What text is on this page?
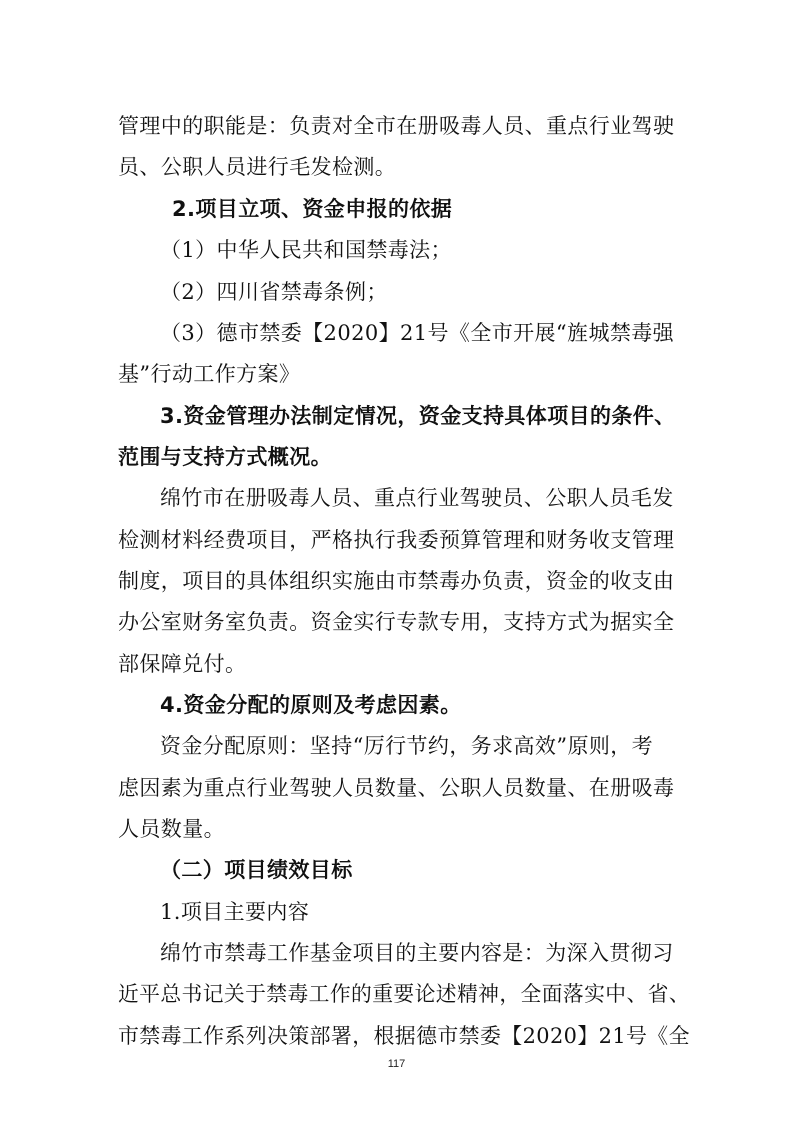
管理中的职能是：负责对全市在册吸毒人员、重点行业驾驶
员、公职人员进行毛发检测。
2.项目立项、资金申报的依据
（1）中华人民共和国禁毒法；
（2）四川省禁毒条例；
（3）德市禁委【2020】21号《全市开展“旌城禁毒强
基”行动工作方案》
3.资金管理办法制定情况，资金支持具体项目的条件、
范围与支持方式概况。
绵竹市在册吸毒人员、重点行业驾驶员、公职人员毛发
检测材料经费项目，严格执行我委预算管理和财务收支管理
制度，项目的具体组织实施由市禁毒办负责，资金的收支由
办公室财务室负责。资金实行专款专用，支持方式为据实全
部保障兑付。
4.资金分配的原则及考虑因素。
资金分配原则：坚持“厉行节约，务求高效”原则，考
虑因素为重点行业驾驶人员数量、公职人员数量、在册吸毒
人员数量。
（二）项目绩效目标
1.项目主要内容
绵竹市禁毒工作基金项目的主要内容是：为深入贯彻习
近平总书记关于禁毒工作的重要论述精神，全面落实中、省、
市禁毒工作系列决策部署，根据德市禁委【2020】21号《全
117
